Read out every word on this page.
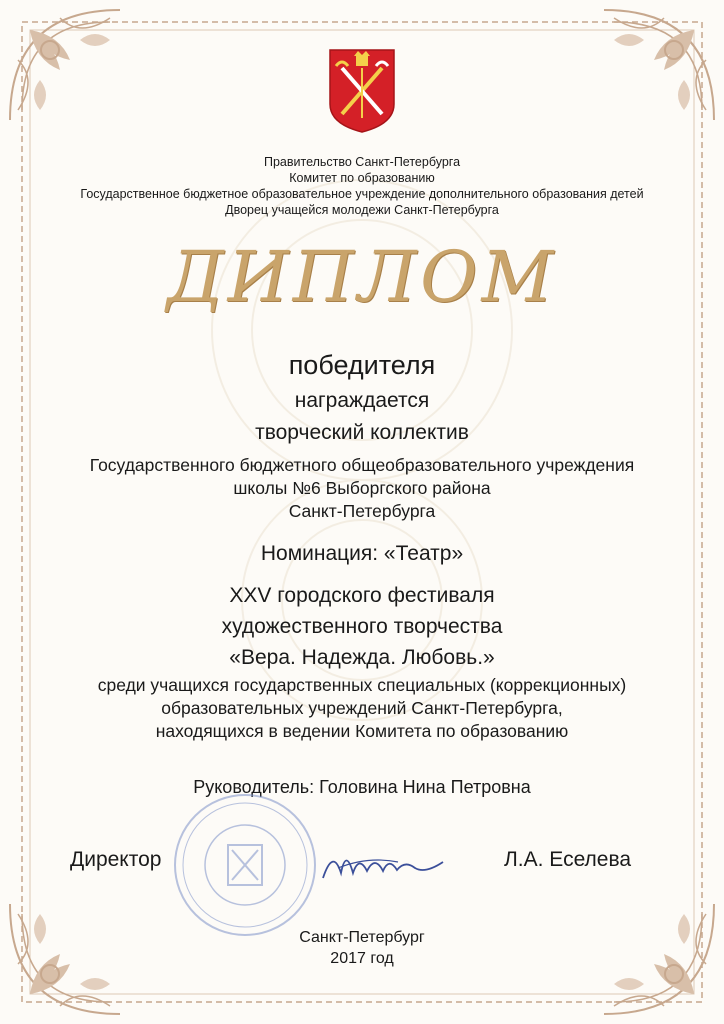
Правительство Санкт-Петербурга
Комитет по образованию
Государственное бюджетное образовательное учреждение дополнительного образования детей
Дворец учащейся молодежи Санкт-Петербурга
ДИПЛОМ
победителя
награждается
творческий коллектив
Государственного бюджетного общеобразовательного учреждения
школы №6 Выборгского района
Санкт-Петербурга
Номинация: «Театр»
XXV городского фестиваля
художественного творчества
«Вера. Надежда. Любовь.»
среди учащихся государственных специальных (коррекционных)
образовательных учреждений Санкт-Петербурга,
находящихся в ведении Комитета по образованию
Руководитель: Головина Нина Петровна
Директор	Л.А. Еселева
Санкт-Петербург
2017 год
